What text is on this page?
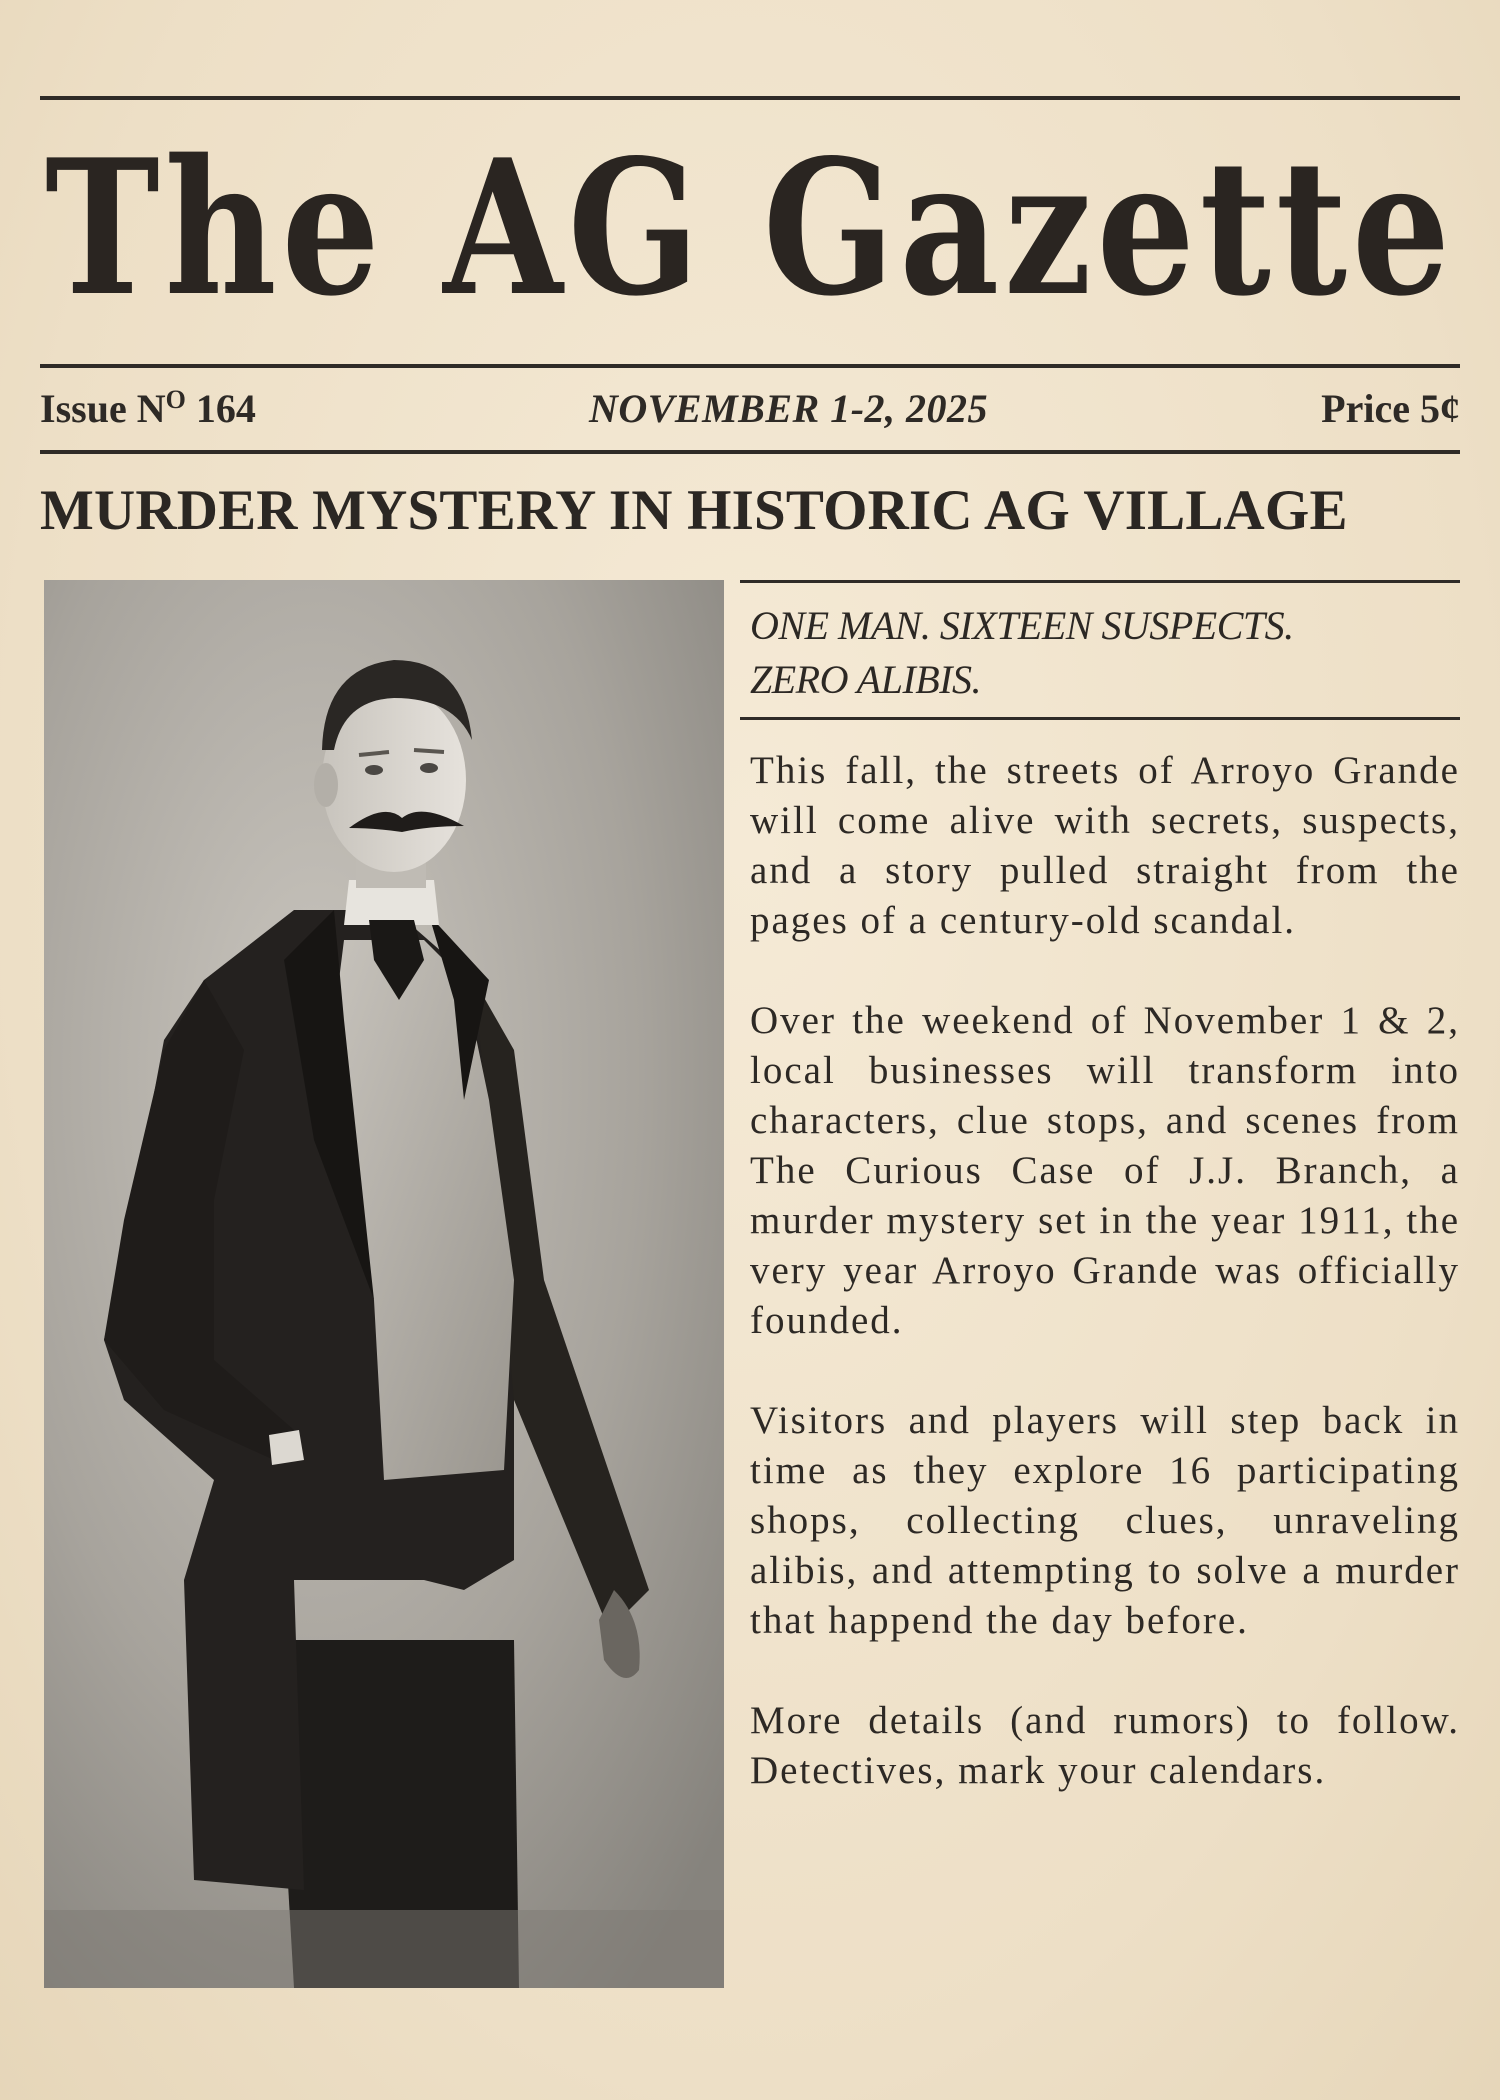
The AG Gazette
Issue $N^O$ 164	NOVEMBER 1-2, 2025	Price 5¢
MURDER MYSTERY IN HISTORIC AG VILLAGE
ONE MAN. SIXTEEN SUSPECTS.
ZERO ALIBIS.

This fall, the streets of Arroyo Grande will come alive with secrets, suspects, and a story pulled straight from the pages of a century-old scandal.

Over the weekend of November 1 & 2, local businesses will transform into characters, clue stops, and scenes from The Curious Case of J.J. Branch, a murder mystery set in the year 1911, the very year Arroyo Grande was officially founded.

Visitors and players will step back in time as they explore 16 participating shops, collecting clues, unraveling alibis, and attempting to solve a murder that happend the day before.

More details (and rumors) to follow. Detectives, mark your calendars.
